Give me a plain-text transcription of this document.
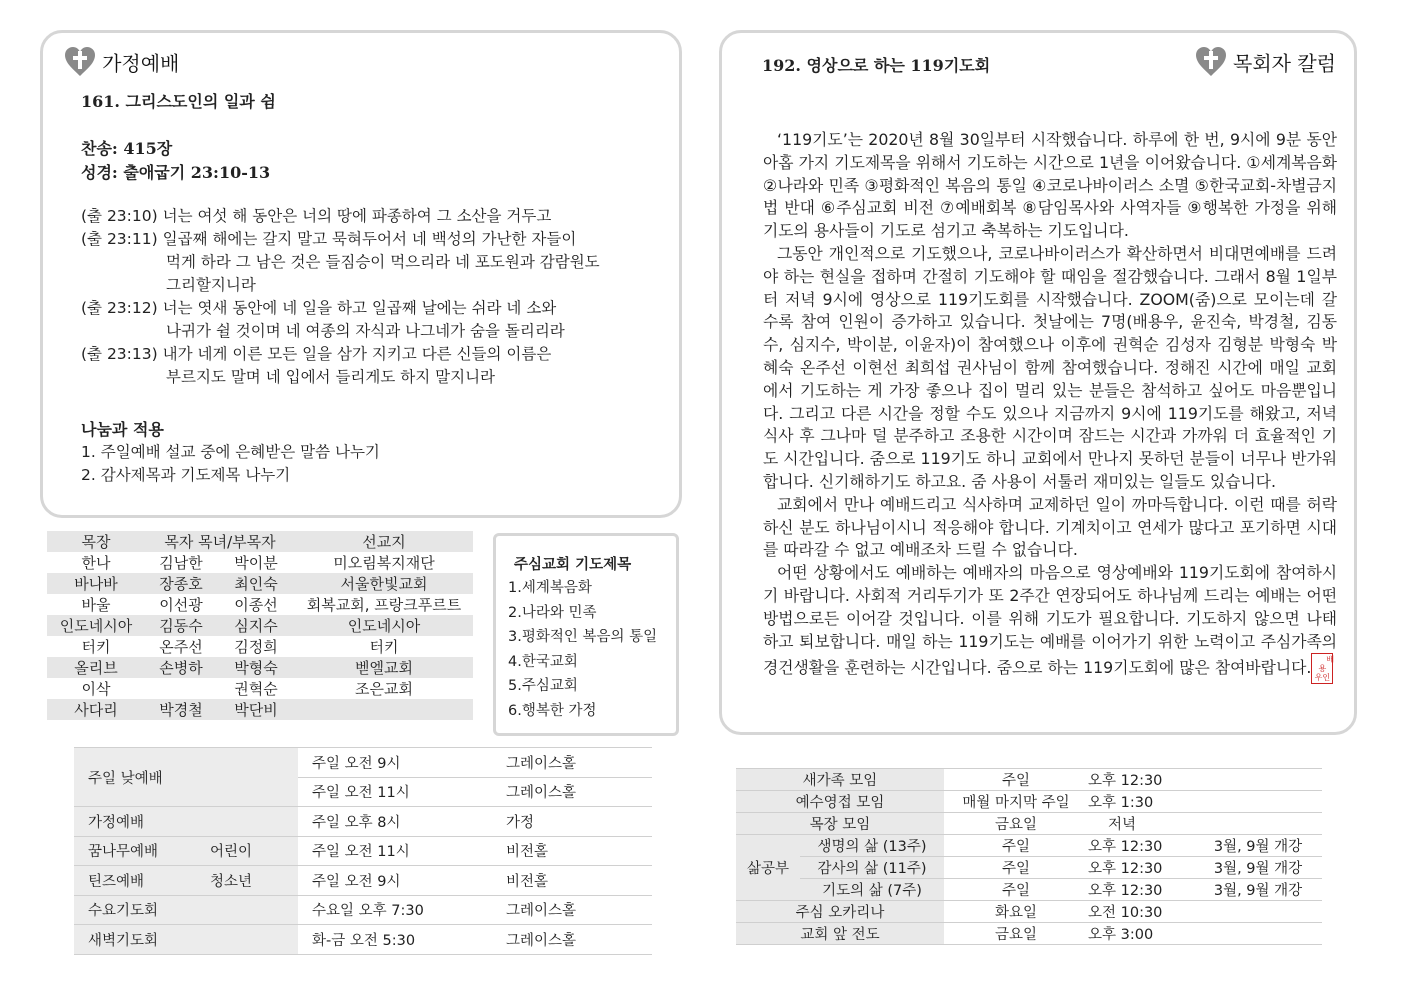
가정예배
161. 그리스도인의 일과 쉼
찬송: 415장
성경: 출애굽기 23:10-13
(출 23:10) 너는 여섯 해 동안은 너의 땅에 파종하여 그 소산을 거두고
(출 23:11) 일곱째 해에는 갈지 말고 묵혀두어서 네 백성의 가난한 자들이
먹게 하라 그 남은 것은 들짐승이 먹으리라 네 포도원과 감람원도
그리할지니라
(출 23:12) 너는 엿새 동안에 네 일을 하고 일곱째 날에는 쉬라 네 소와
나귀가 쉴 것이며 네 여종의 자식과 나그네가 숨을 돌리리라
(출 23:13) 내가 네게 이른 모든 일을 삼가 지키고 다른 신들의 이름은
부르지도 말며 네 입에서 들리게도 하지 말지니라
나눔과 적용
1. 주일예배 설교 중에 은혜받은 말씀 나누기
2. 감사제목과 기도제목 나누기
목장	목자 목녀/부목자		선교지
한나	김남한	박이분	미오림복지재단
바나바	장종호	최인숙	서울한빛교회
바울	이선광	이종선	회복교회, 프랑크푸르트
인도네시아	김동수	심지수	인도네시아
터키	온주선	김정희	터키
올리브	손병하	박형숙	벧엘교회
이삭		권혁순	조은교회
사다리	박경철	박단비	
주심교회 기도제목
1.세계복음화
2.나라와 민족
3.평화적인 복음의 통일
4.한국교회
5.주심교회
6.행복한 가정
주일 낮예배		주일 오전 9시	그레이스홀
		주일 오전 11시	그레이스홀
가정예배		주일 오후 8시	가정
꿈나무예배	어린이	주일 오전 11시	비전홀
틴즈예배	청소년	주일 오전 9시	비전홀
수요기도회		수요일 오후 7:30	그레이스홀
새벽기도회		화-금 오전 5:30	그레이스홀
192. 영상으로 하는 119기도회	목회자 칼럼

‘119기도’는 2020년 8월 30일부터 시작했습니다. 하루에 한 번, 9시에 9분 동안 아홉 가지 기도제목을 위해서 기도하는 시간으로 1년을 이어왔습니다. ①세계복음화 ②나라와 민족 ③평화적인 복음의 통일 ④코로나바이러스 소멸 ⑤한국교회-차별금지법 반대 ⑥주심교회 비전 ⑦예배회복 ⑧담임목사와 사역자들 ⑨행복한 가정을 위해 기도의 용사들이 기도로 섬기고 축복하는 기도입니다.

그동안 개인적으로 기도했으나, 코로나바이러스가 확산하면서 비대면예배를 드려야 하는 현실을 접하며 간절히 기도해야 할 때임을 절감했습니다. 그래서 8월 1일부터 저녁 9시에 영상으로 119기도회를 시작했습니다. ZOOM(줌)으로 모이는데 갈수록 참여 인원이 증가하고 있습니다. 첫날에는 7명(배용우, 윤진숙, 박경철, 김동수, 심지수, 박이분, 이윤자)이 참여했으나 이후에 권혁순 김성자 김형분 박형숙 박혜숙 온주선 이현선 최희섭 권사님이 함께 참여했습니다. 정해진 시간에 매일 교회에서 기도하는 게 가장 좋으나 집이 멀리 있는 분들은 참석하고 싶어도 마음뿐입니다. 그리고 다른 시간을 정할 수도 있으나 지금까지 9시에 119기도를 해왔고, 저녁 식사 후 그나마 덜 분주하고 조용한 시간이며 잠드는 시간과 가까워 더 효율적인 기도 시간입니다. 줌으로 119기도 하니 교회에서 만나지 못하던 분들이 너무나 반가워합니다. 신기해하기도 하고요. 줌 사용이 서툴러 재미있는 일들도 있습니다.

교회에서 만나 예배드리고 식사하며 교제하던 일이 까마득합니다. 이런 때를 허락하신 분도 하나님이시니 적응해야 합니다. 기계치이고 연세가 많다고 포기하면 시대를 따라갈 수 없고 예배조차 드릴 수 없습니다.

어떤 상황에서도 예배하는 예배자의 마음으로 영상예배와 119기도회에 참여하시기 바랍니다. 사회적 거리두기가 또 2주간 연장되어도 하나님께 드리는 예배는 어떤 방법으로든 이어갈 것입니다. 이를 위해 기도가 필요합니다. 기도하지 않으면 나태하고 퇴보합니다. 매일 하는 119기도는 예배를 이어가기 위한 노력이고 주심가족의 경건생활을 훈련하는 시간입니다. 줌으로 하는 119기도회에 많은 참여바랍니다. 배용
우인

새가족 모임		주일	오후 12:30	
예수영접 모임		매월 마지막 주일	오후 1:30	
목장 모임		금요일	저녁	
삶공부	생명의 삶 (13주)	주일	오후 12:30	3월, 9월 개강
	감사의 삶 (11주)	주일	오후 12:30	3월, 9월 개강
	기도의 삶 (7주)	주일	오후 12:30	3월, 9월 개강
주심 오카리나		화요일	오전 10:30	
교회 앞 전도		금요일	오후 3:00	
